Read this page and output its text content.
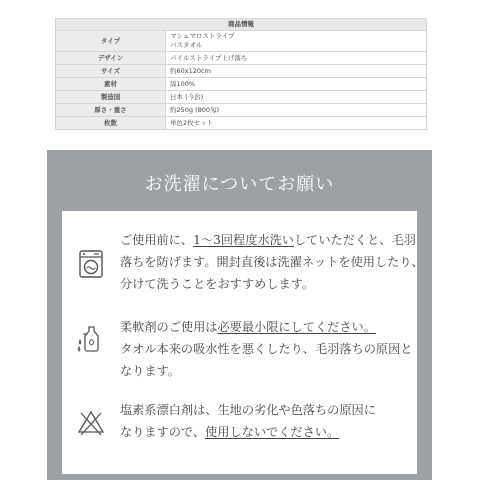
商品情報	
タイプ	マシュマロストライプ
バスタオル

デザイン	パイルストライプ上げ落ち
サイズ	約60x120cm
素材	綿100%
製造国	日本 (今治)
厚さ・重さ	約250g (800匁)
枚数	単色2枚セット
お洗濯についてお願い
ご使用前に、1〜3回程度水洗いしていただくと、毛羽
落ちを防げます。開封直後は洗濯ネットを使用したり、
分けて洗うことをおすすめします。
柔軟剤のご使用は必要最小限にしてください。
タオル本来の吸水性を悪くしたり、毛羽落ちの原因と
なります。
塩素系漂白剤は、生地の劣化や色落ちの原因に
なりますので、使用しないでください。
